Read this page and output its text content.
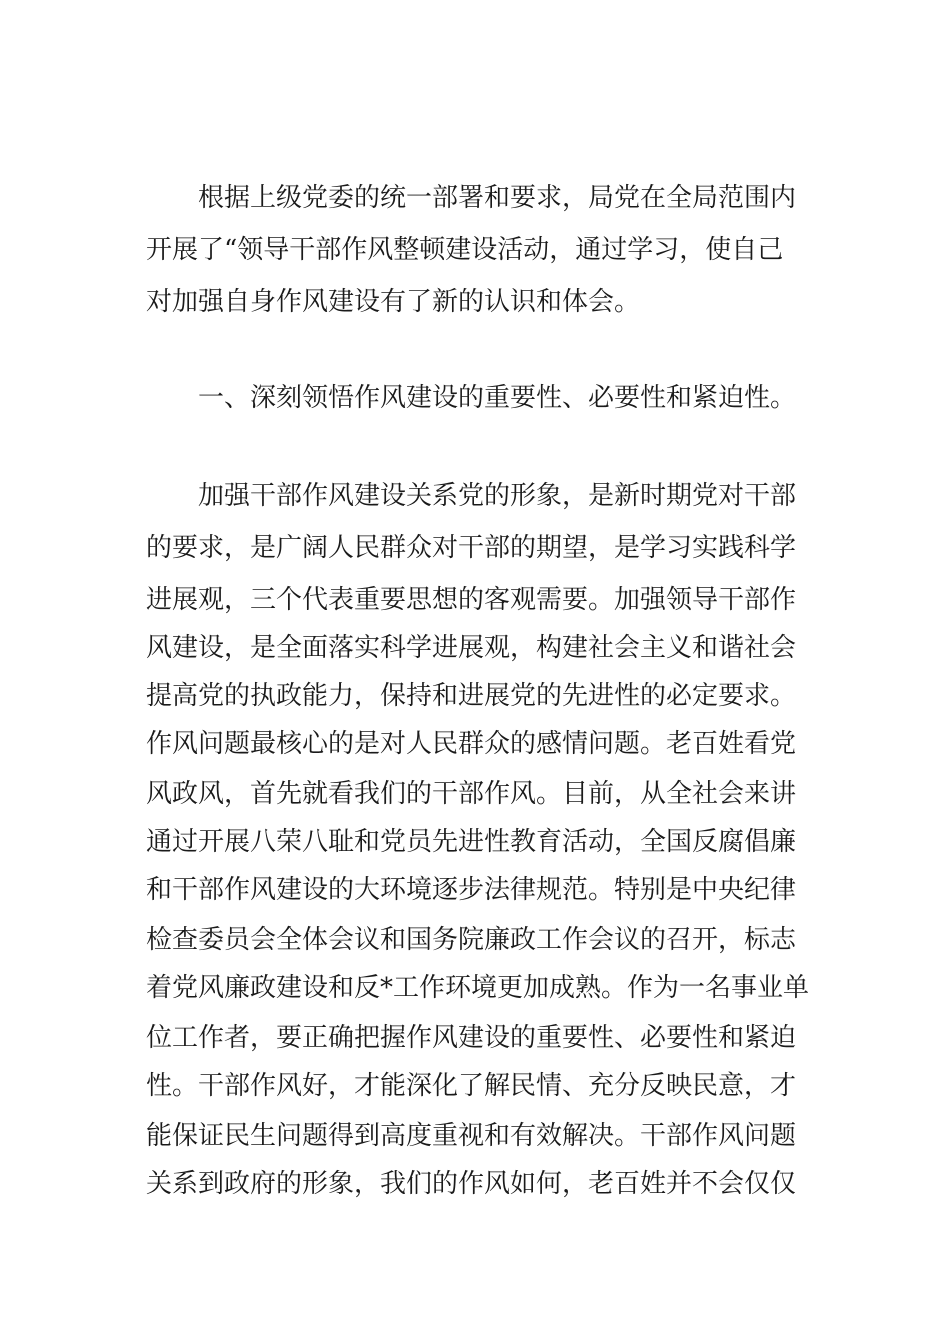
根据上级党委的统一部署和要求，局党在全局范围内
开展了“领导干部作风整顿建设活动，通过学习，使自己
对加强自身作风建设有了新的认识和体会。
一、深刻领悟作风建设的重要性、必要性和紧迫性。
加强干部作风建设关系党的形象，是新时期党对干部
的要求，是广阔人民群众对干部的期望，是学习实践科学
进展观，三个代表重要思想的客观需要。加强领导干部作
风建设，是全面落实科学进展观，构建社会主义和谐社会
提高党的执政能力，保持和进展党的先进性的必定要求。
作风问题最核心的是对人民群众的感情问题。老百姓看党
风政风，首先就看我们的干部作风。目前，从全社会来讲
通过开展八荣八耻和党员先进性教育活动，全国反腐倡廉
和干部作风建设的大环境逐步法律规范。特别是中央纪律
检查委员会全体会议和国务院廉政工作会议的召开，标志
着党风廉政建设和反*工作环境更加成熟。作为一名事业单
位工作者，要正确把握作风建设的重要性、必要性和紧迫
性。干部作风好，才能深化了解民情、充分反映民意，才
能保证民生问题得到高度重视和有效解决。干部作风问题
关系到政府的形象，我们的作风如何，老百姓并不会仅仅
